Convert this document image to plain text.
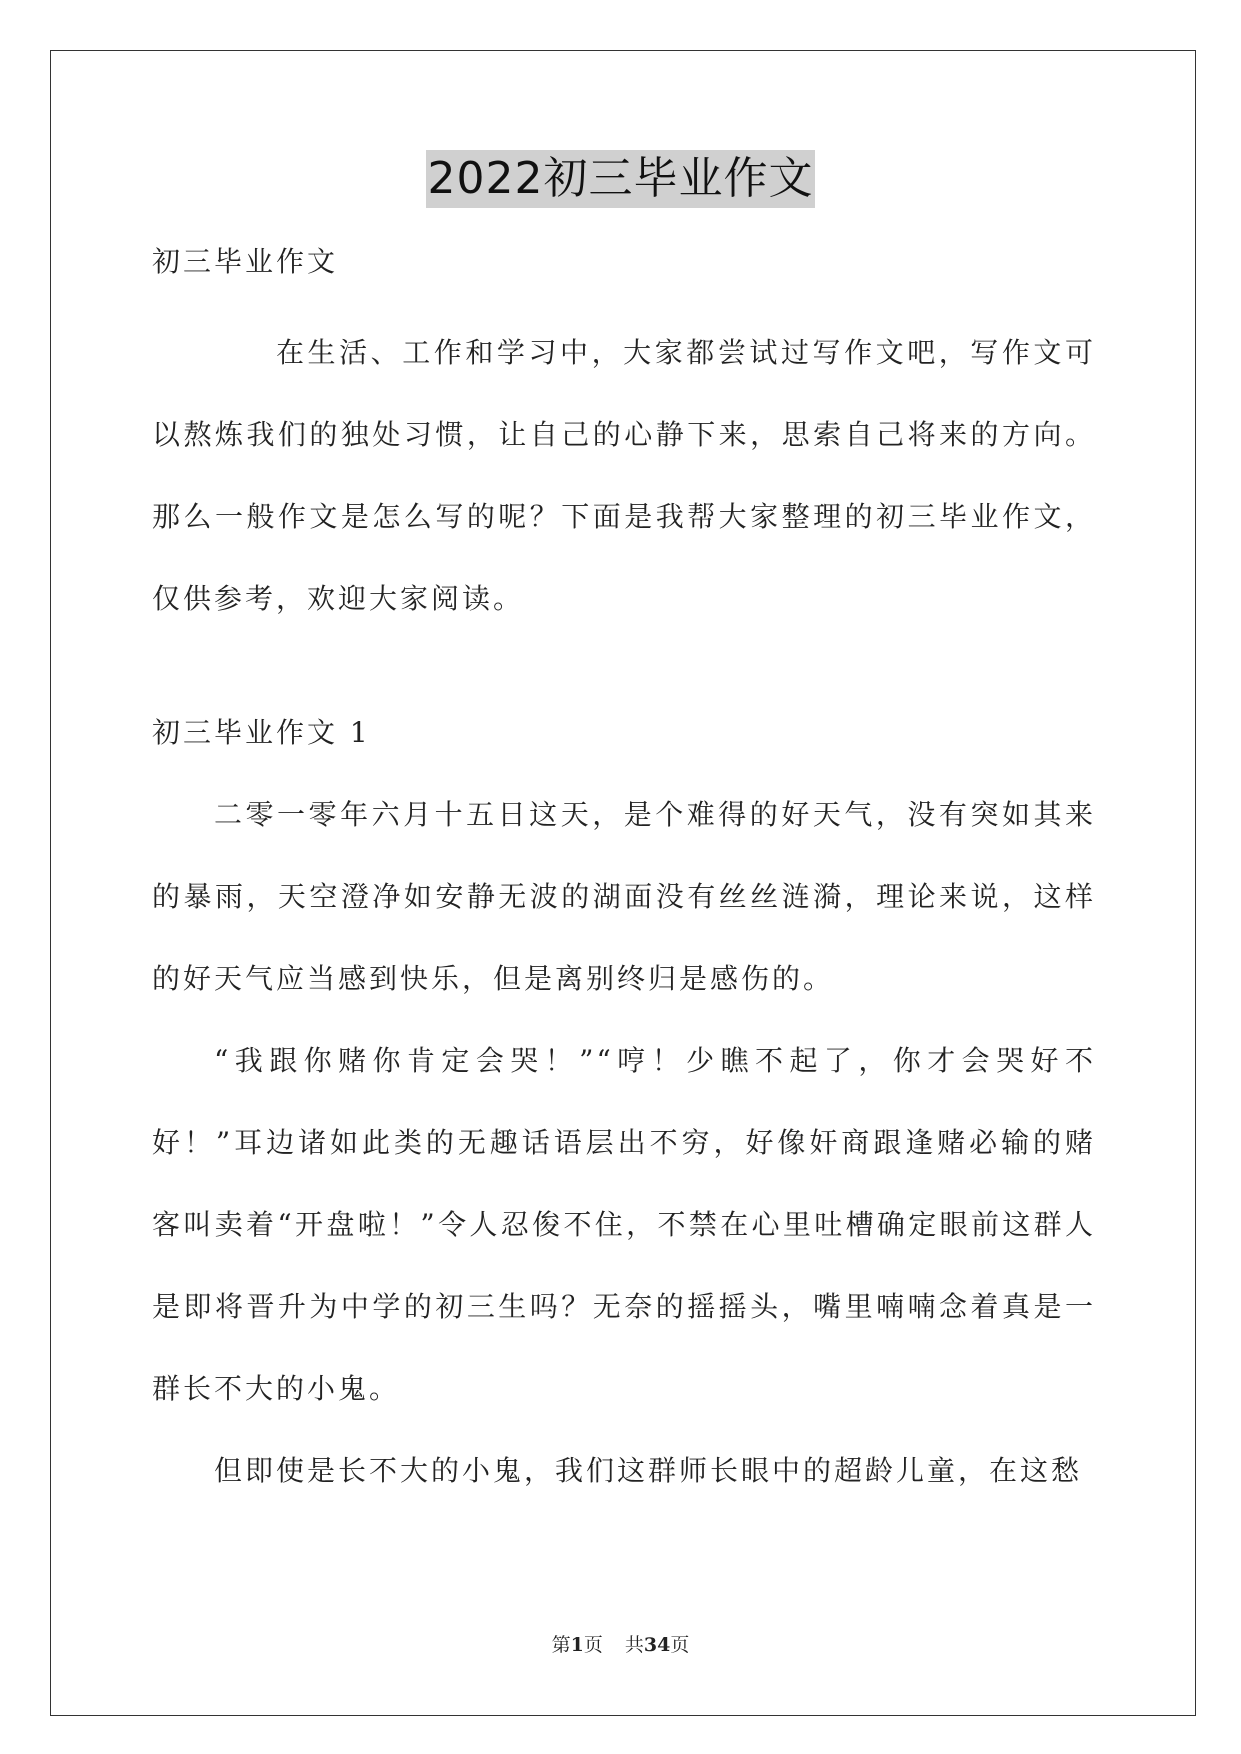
2022初三毕业作文

初三毕业作文

在生活、工作和学习中，大家都尝试过写作文吧，写作文可以熬炼我们的独处习惯，让自己的心静下来，思索自己将来的方向。那么一般作文是怎么写的呢？下面是我帮大家整理的初三毕业作文，仅供参考，欢迎大家阅读。

初三毕业作文 1

二零一零年六月十五日这天，是个难得的好天气，没有突如其来的暴雨，天空澄净如安静无波的湖面没有丝丝涟漪，理论来说，这样的好天气应当感到快乐，但是离别终归是感伤的。

“我跟你赌你肯定会哭！”“哼！少瞧不起了，你才会哭好不好！”耳边诸如此类的无趣话语层出不穷，好像奸商跟逢赌必输的赌客叫卖着“开盘啦！”令人忍俊不住，不禁在心里吐槽确定眼前这群人是即将晋升为中学的初三生吗？无奈的摇摇头，嘴里喃喃念着真是一群长不大的小鬼。

但即使是长不大的小鬼，我们这群师长眼中的超龄儿童，在这愁

第1页 共34页
